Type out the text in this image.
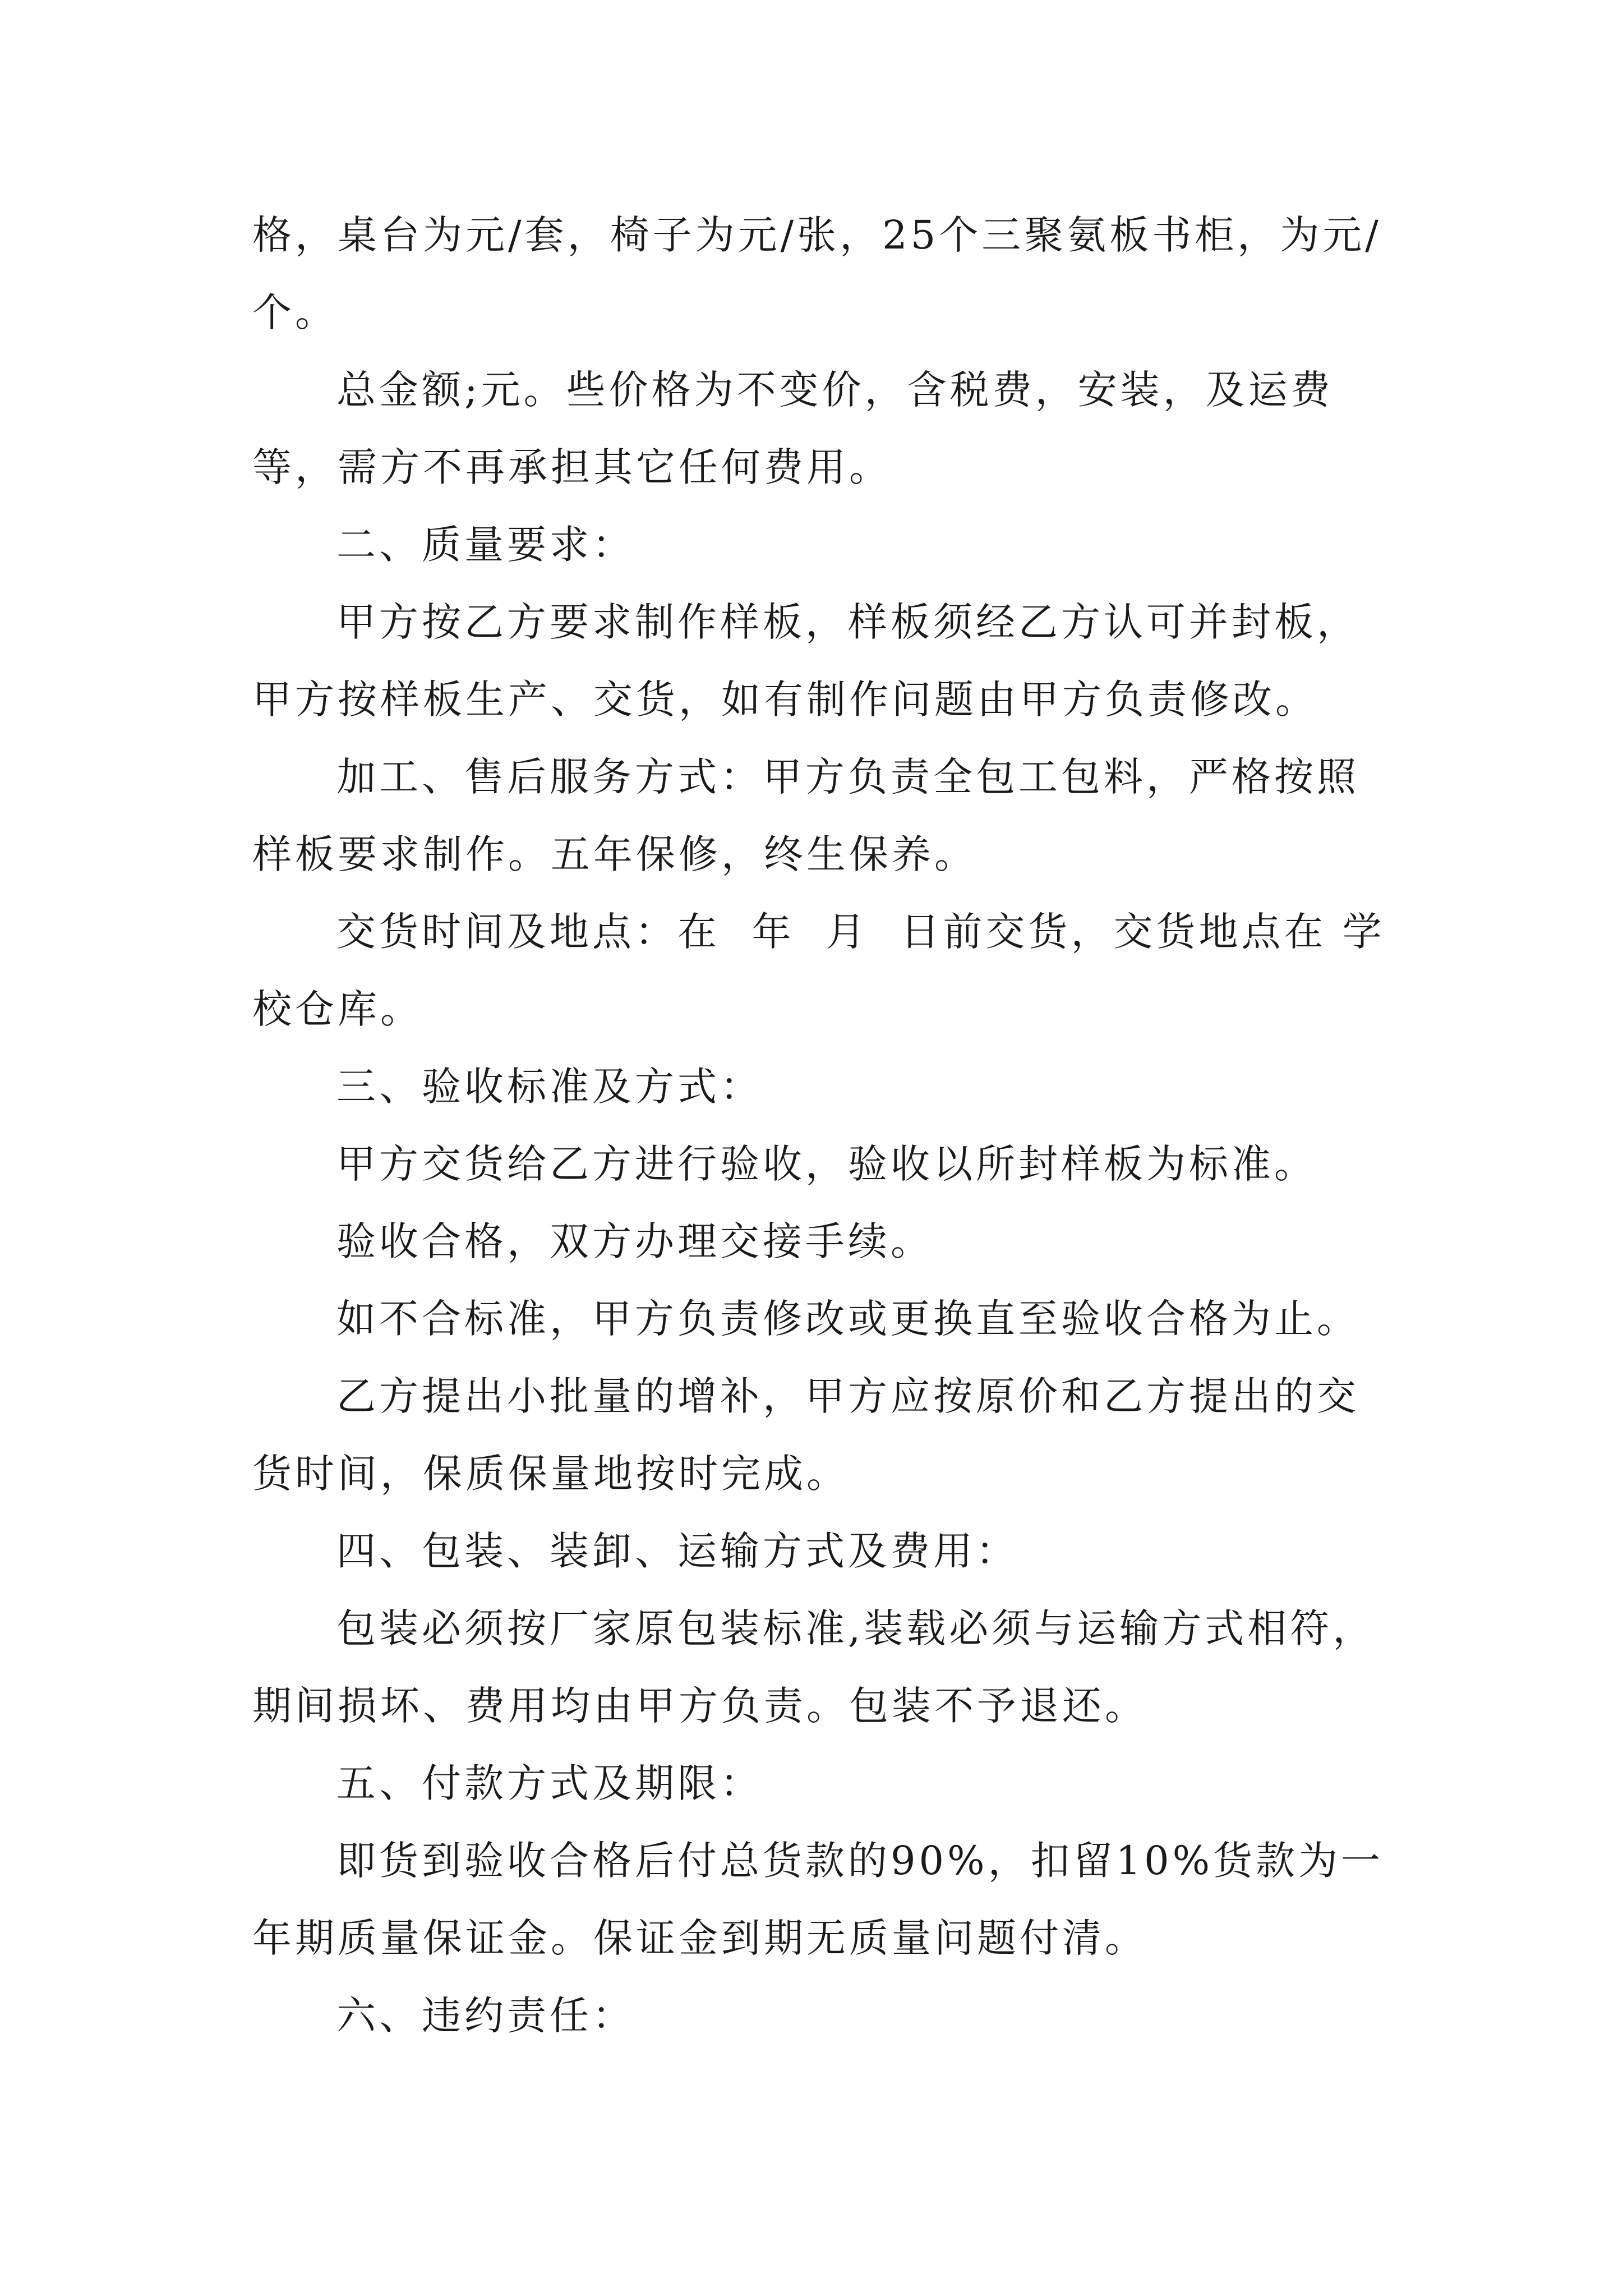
格，桌台为元/套，椅子为元/张，25个三聚氨板书柜，为元/
个。

总金额;元。些价格为不变价，含税费，安装，及运费
等，需方不再承担其它任何费用。

二、质量要求：

甲方按乙方要求制作样板，样板须经乙方认可并封板，
甲方按样板生产、交货，如有制作问题由甲方负责修改。

加工、售后服务方式：甲方负责全包工包料，严格按照
样板要求制作。五年保修，终生保养。

交货时间及地点：在  年  月  日前交货，交货地点在 学
校仓库。

三、验收标准及方式：

甲方交货给乙方进行验收，验收以所封样板为标准。

验收合格，双方办理交接手续。

如不合标准，甲方负责修改或更换直至验收合格为止。

乙方提出小批量的增补，甲方应按原价和乙方提出的交
货时间，保质保量地按时完成。

四、包装、装卸、运输方式及费用：

包装必须按厂家原包装标准,装载必须与运输方式相符，
期间损坏、费用均由甲方负责。包装不予退还。

五、付款方式及期限：

即货到验收合格后付总货款的90%，扣留10%货款为一
年期质量保证金。保证金到期无质量问题付清。

六、违约责任：
